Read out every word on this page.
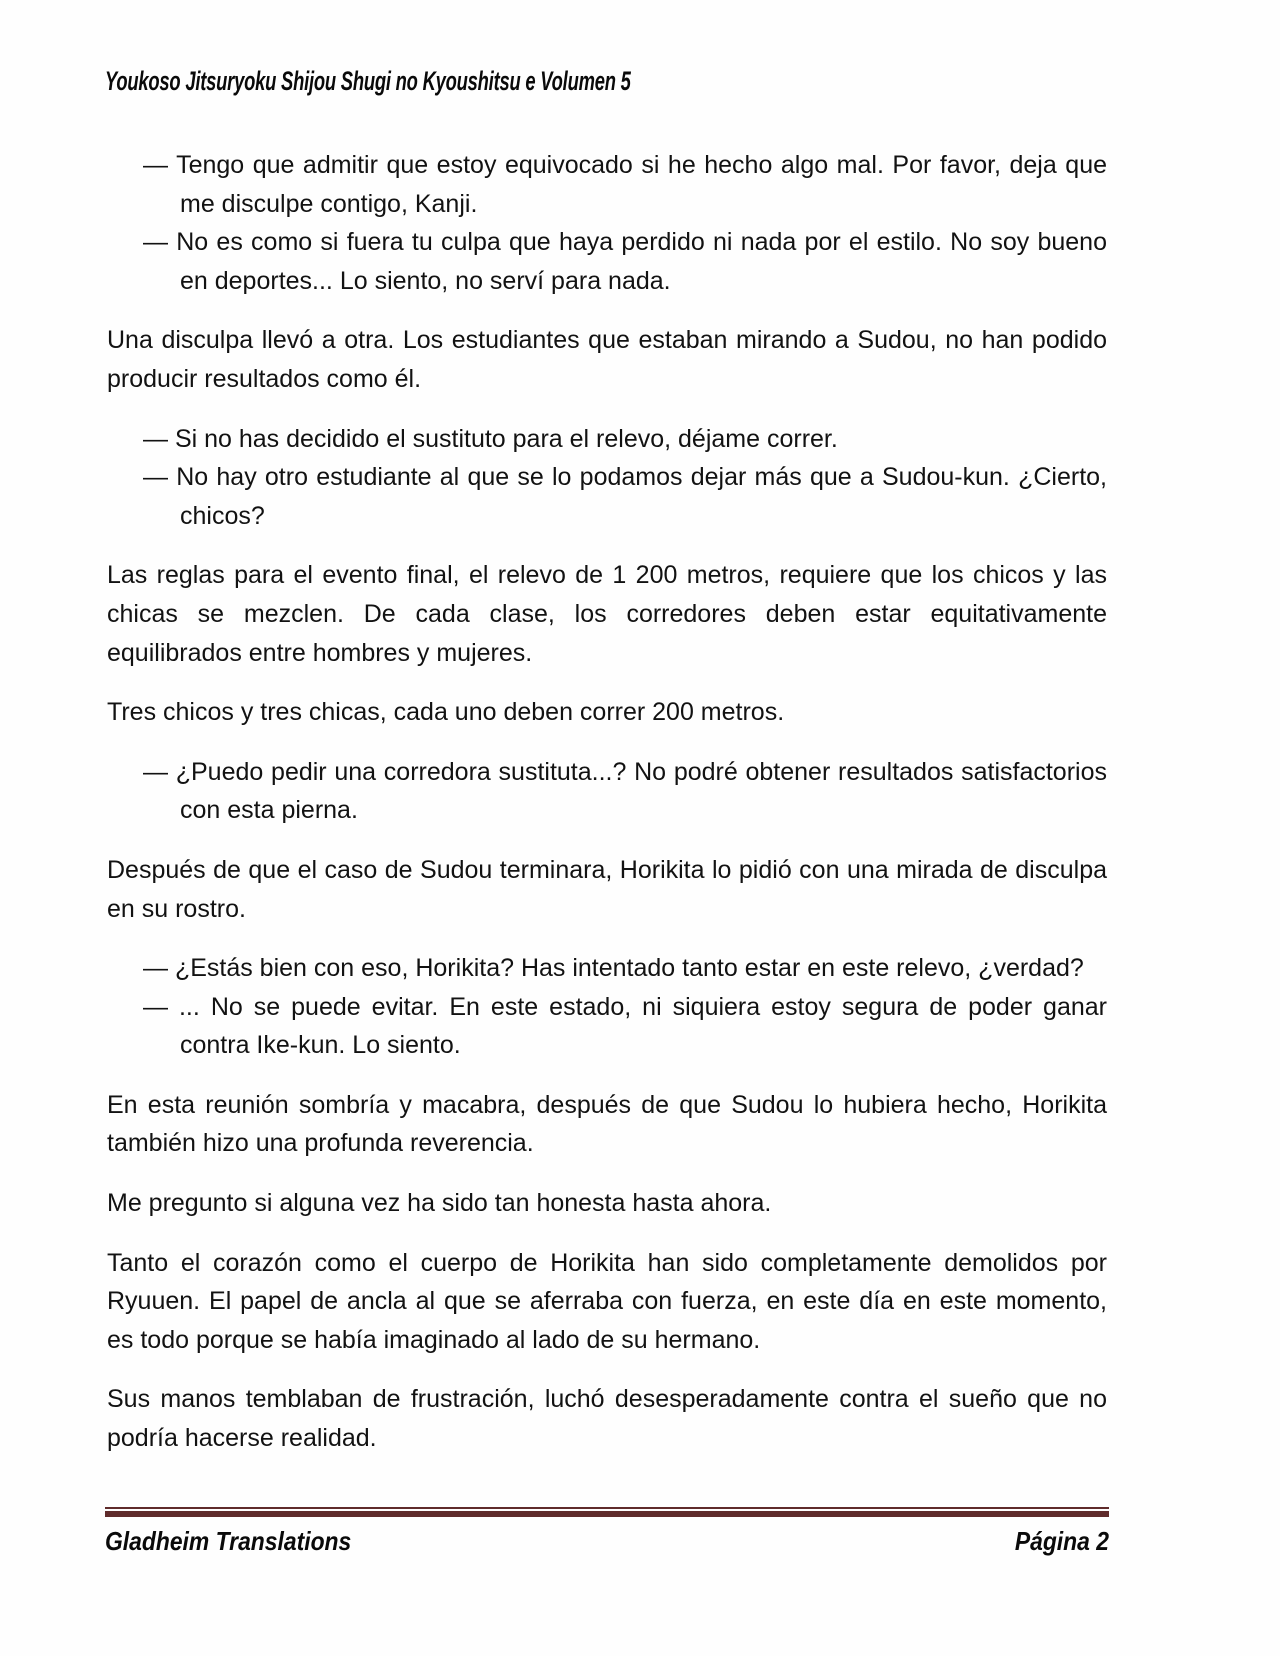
Youkoso Jitsuryoku Shijou Shugi no Kyoushitsu e Volumen 5

— Tengo que admitir que estoy equivocado si he hecho algo mal. Por favor, deja que me disculpe contigo, Kanji.

— No es como si fuera tu culpa que haya perdido ni nada por el estilo. No soy bueno en deportes... Lo siento, no serví para nada.

Una disculpa llevó a otra. Los estudiantes que estaban mirando a Sudou, no han podido producir resultados como él.

— Si no has decidido el sustituto para el relevo, déjame correr.

— No hay otro estudiante al que se lo podamos dejar más que a Sudou-kun. ¿Cierto, chicos?

Las reglas para el evento final, el relevo de 1 200 metros, requiere que los chicos y las chicas se mezclen. De cada clase, los corredores deben estar equitativamente equilibrados entre hombres y mujeres.

Tres chicos y tres chicas, cada uno deben correr 200 metros.

— ¿Puedo pedir una corredora sustituta...? No podré obtener resultados satisfactorios con esta pierna.

Después de que el caso de Sudou terminara, Horikita lo pidió con una mirada de disculpa en su rostro.

— ¿Estás bien con eso, Horikita? Has intentado tanto estar en este relevo, ¿verdad?

— ... No se puede evitar. En este estado, ni siquiera estoy segura de poder ganar contra Ike-kun. Lo siento.

En esta reunión sombría y macabra, después de que Sudou lo hubiera hecho, Horikita también hizo una profunda reverencia.

Me pregunto si alguna vez ha sido tan honesta hasta ahora.

Tanto el corazón como el cuerpo de Horikita han sido completamente demolidos por Ryuuen. El papel de ancla al que se aferraba con fuerza, en este día en este momento, es todo porque se había imaginado al lado de su hermano.

Sus manos temblaban de frustración, luchó desesperadamente contra el sueño que no podría hacerse realidad.

Gladheim Translations	Página 2
